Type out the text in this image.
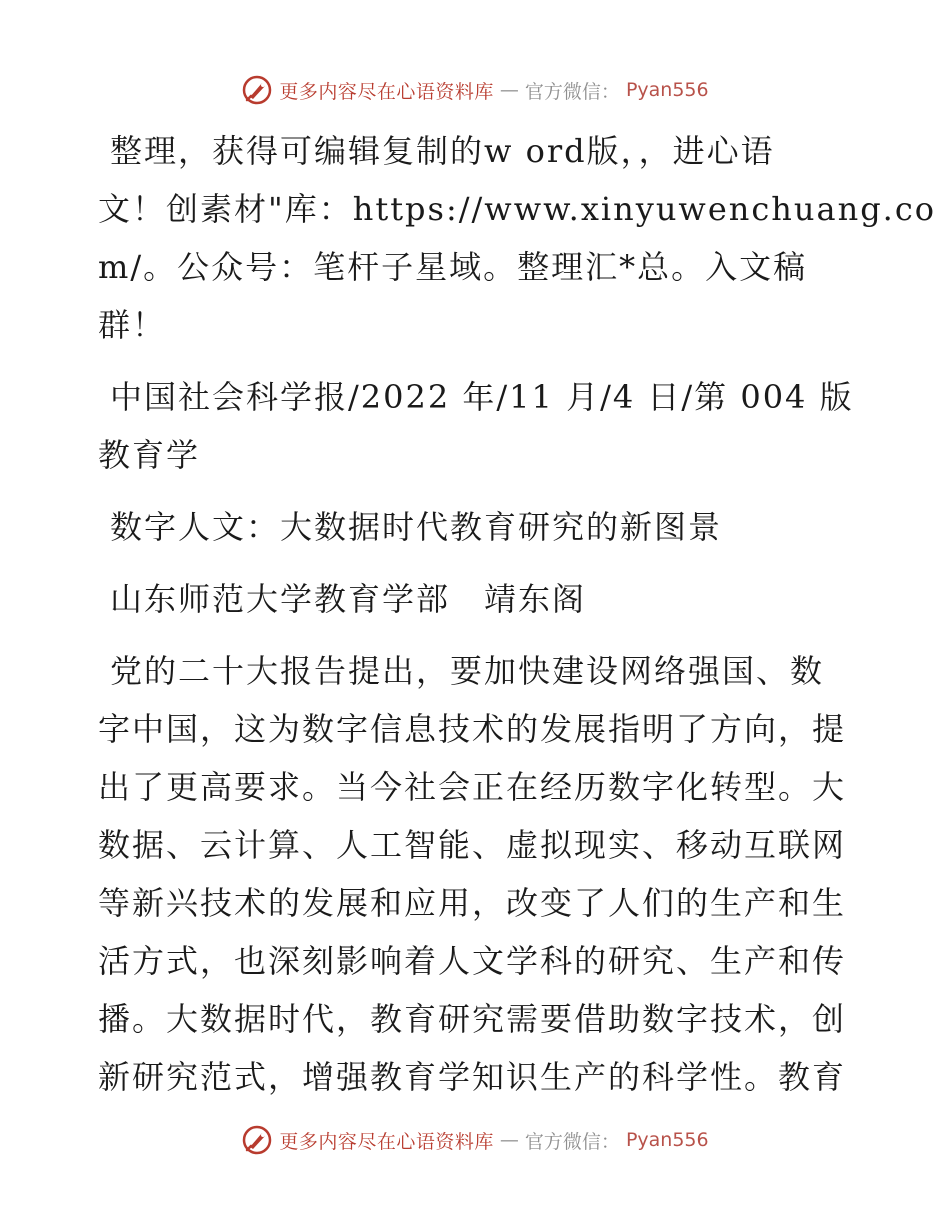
更多内容尽在心语资料库 — 官方微信： Pyan556

整理，获得可编辑复制的w ord版，，进心语
文！创素材"库：https://www.xinyuwenchuang.co
m/。公众号：笔杆子星域。整理汇*总。入文稿
群！

中国社会科学报/2022 年/11 月/4 日/第 004 版
教育学

数字人文：大数据时代教育研究的新图景

山东师范大学教育学部　靖东阁

党的二十大报告提出，要加快建设网络强国、数
字中国，这为数字信息技术的发展指明了方向，提
出了更高要求。当今社会正在经历数字化转型。大
数据、云计算、人工智能、虚拟现实、移动互联网
等新兴技术的发展和应用，改变了人们的生产和生
活方式，也深刻影响着人文学科的研究、生产和传
播。大数据时代，教育研究需要借助数字技术，创
新研究范式，增强教育学知识生产的科学性。教育

更多内容尽在心语资料库 — 官方微信： Pyan556
